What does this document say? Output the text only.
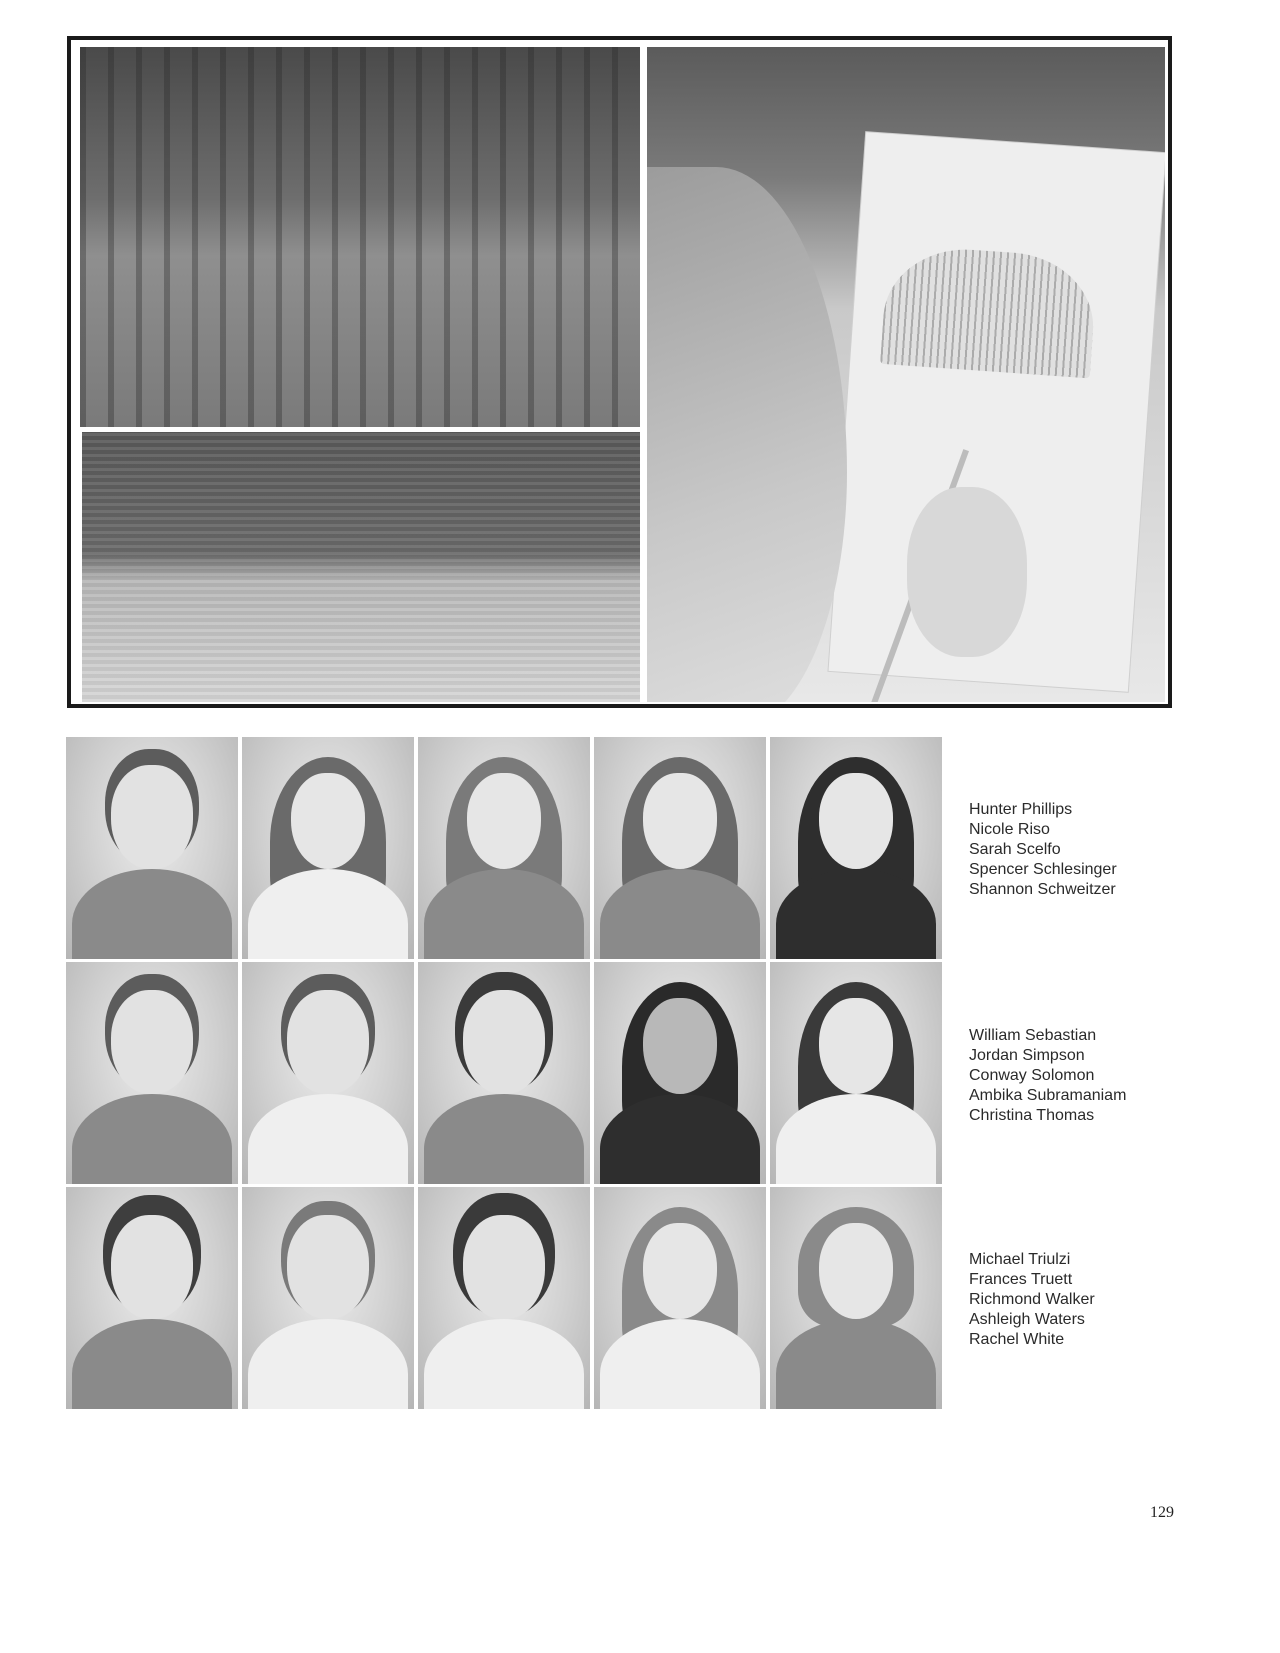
Hunter Phillips
Nicole Riso
Sarah Scelfo
Spencer Schlesinger
Shannon Schweitzer
William Sebastian
Jordan Simpson
Conway Solomon
Ambika Subramaniam
Christina Thomas
Michael Triulzi
Frances Truett
Richmond Walker
Ashleigh Waters
Rachel White
129
